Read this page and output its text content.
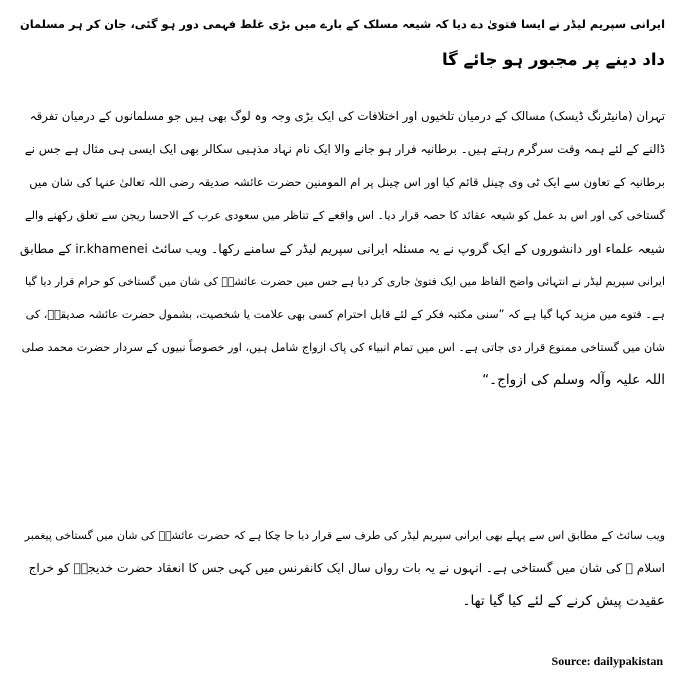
ایرانی سپریم لیڈر نے ایسا فتویٰ دے دیا کہ شیعہ مسلک کے بارے میں بڑی غلط فہمی دور ہو گئی، جان کر ہر مسلمان
داد دینے پر مجبور ہو جائے گا
تہران (مانیٹرنگ ڈیسک) مسالک کے درمیان تلخیوں اور اختلافات کی ایک بڑی وجہ وہ لوگ بھی ہیں جو مسلمانوں کے درمیان تفرقہ
ڈالنے کے لئے ہمہ وقت سرگرم رہتے ہیں۔ برطانیہ فرار ہو جانے والا ایک نام نہاد مذہبی سکالر بھی ایک ایسی ہی مثال ہے جس نے
برطانیہ کے تعاون سے ایک ٹی وی چینل قائم کیا اور اس چینل پر ام المومنین حضرت عائشہ صدیقہ رضی اللہ تعالیٰ عنہا کی شان میں
گستاخی کی اور اس بد عمل کو شیعہ عقائد کا حصہ قرار دیا۔ اس واقعے کے تناظر میں سعودی عرب کے الاحسا ریجن سے تعلق رکھنے والے
شیعہ علماء اور دانشوروں کے ایک گروپ نے یہ مسئلہ ایرانی سپریم لیڈر کے سامنے رکھا۔ ویب سائٹ ir.khamenei کے مطابق
ایرانی سپریم لیڈر نے انتہائی واضح الفاظ میں ایک فتویٰ جاری کر دیا ہے جس میں حضرت عائشہؓ کی شان میں گستاخی کو حرام قرار دیا گیا
ہے۔ فتوے میں مزید کہا گیا ہے کہ ”سنی مکتبہ فکر کے لئے قابل احترام کسی بھی علامت یا شخصیت، بشمول حضرت عائشہ صدیقہؓ، کی
شان میں گستاخی ممنوع قرار دی جاتی ہے۔ اس میں تمام انبیاء کی پاک ازواج شامل ہیں، اور خصوصاً نبیوں کے سردار حضرت محمد صلی
اللہ علیہ وآلہ وسلم کی ازواج۔“
ویب سائٹ کے مطابق اس سے پہلے بھی ایرانی سپریم لیڈر کی طرف سے قرار دیا جا چکا ہے کہ حضرت عائشہؓ کی شان میں گستاخی پیغمبر
اسلام ﷺ کی شان میں گستاخی ہے۔ انہوں نے یہ بات رواں سال ایک کانفرنس میں کہی جس کا انعقاد حضرت خدیجہؓ کو خراج
عقیدت پیش کرنے کے لئے کیا گیا تھا۔
Source: dailypakistan
